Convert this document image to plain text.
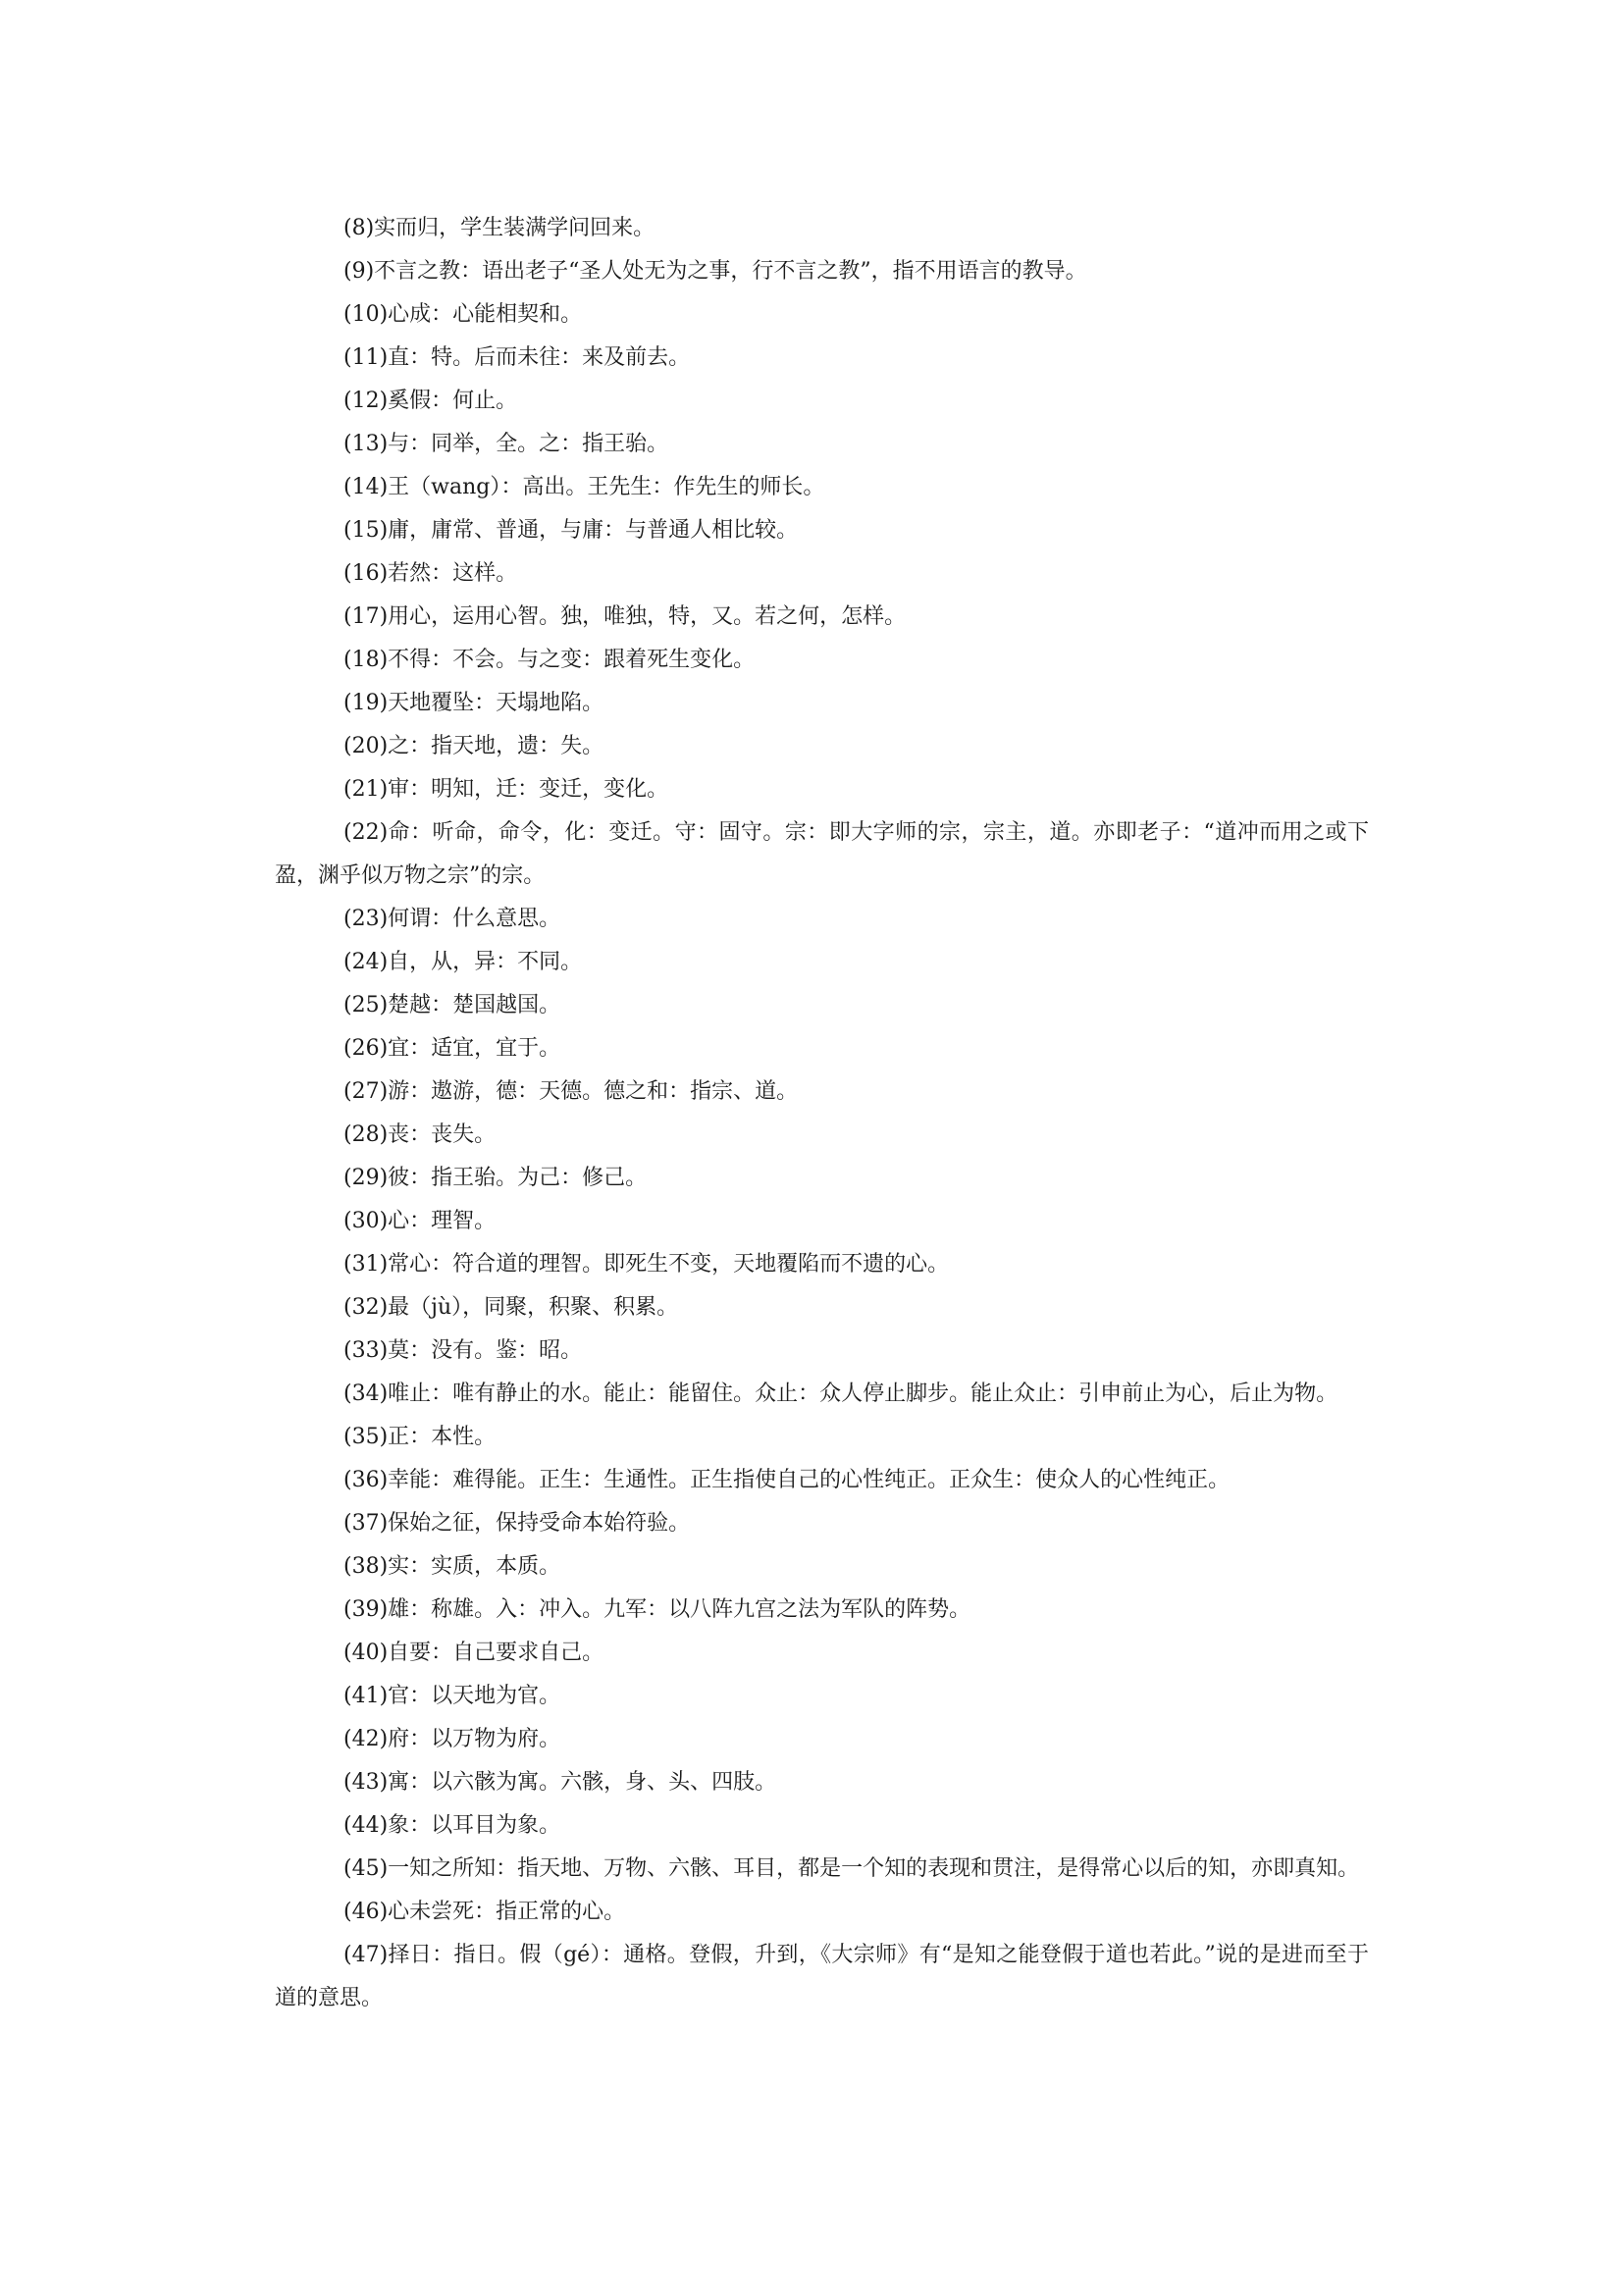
(8)实而归，学生装满学问回来。
(9)不言之教：语出老子“圣人处无为之事，行不言之教”，指不用语言的教导。
(10)心成：心能相契和。
(11)直：特。后而未往：来及前去。
(12)奚假：何止。
(13)与：同举，全。之：指王骀。
(14)王（wang）：高出。王先生：作先生的师长。
(15)庸，庸常、普通，与庸：与普通人相比较。
(16)若然：这样。
(17)用心，运用心智。独，唯独，特，又。若之何，怎样。
(18)不得：不会。与之变：跟着死生变化。
(19)天地覆坠：天塌地陷。
(20)之：指天地，遗：失。
(21)审：明知，迁：变迁，变化。
(22)命：听命，命令，化：变迁。守：固守。宗：即大字师的宗，宗主，道。亦即老子：“道冲而用之或下盈，渊乎似万物之宗”的宗。
(23)何谓：什么意思。
(24)自，从，异：不同。
(25)楚越：楚国越国。
(26)宜：适宜，宜于。
(27)游：遨游，德：天德。德之和：指宗、道。
(28)丧：丧失。
(29)彼：指王骀。为己：修己。
(30)心：理智。
(31)常心：符合道的理智。即死生不变，天地覆陷而不遗的心。
(32)最（jù），同聚，积聚、积累。
(33)莫：没有。鉴：昭。
(34)唯止：唯有静止的水。能止：能留住。众止：众人停止脚步。能止众止：引申前止为心，后止为物。
(35)正：本性。
(36)幸能：难得能。正生：生通性。正生指使自己的心性纯正。正众生：使众人的心性纯正。
(37)保始之征，保持受命本始符验。
(38)实：实质，本质。
(39)雄：称雄。入：冲入。九军：以八阵九宫之法为军队的阵势。
(40)自要：自己要求自己。
(41)官：以天地为官。
(42)府：以万物为府。
(43)寓：以六骸为寓。六骸，身、头、四肢。
(44)象：以耳目为象。
(45)一知之所知：指天地、万物、六骸、耳目，都是一个知的表现和贯注，是得常心以后的知，亦即真知。
(46)心未尝死：指正常的心。
(47)择日：指日。假（gé）：通格。登假，升到，《大宗师》有“是知之能登假于道也若此。”说的是进而至于道的意思。
